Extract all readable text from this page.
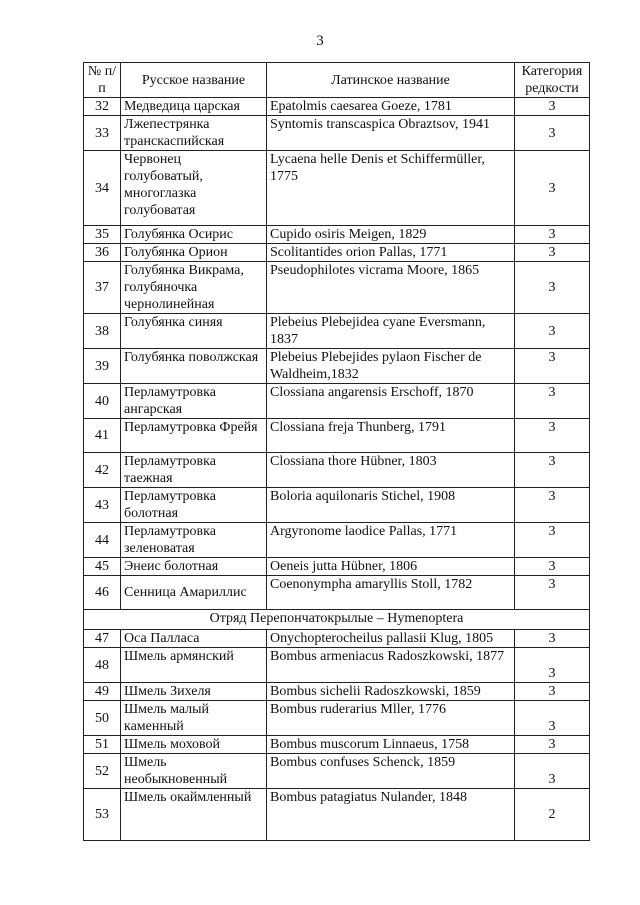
3
№ п/п	Русское название	Латинское название	Категория редкости
32	Медведица царская	Epatolmis caesarea Goeze, 1781	3
33	Лжепестрянка транскаспийская	Syntomis transcaspica Obraztsov, 1941	3
34	Червонец голубоватый, многоглазка голубоватая	Lycaena helle Denis et Schiffermüller, 1775	3
35	Голубянка Осирис	Cupido osiris Meigen, 1829	3
36	Голубянка Орион	Scolitantides orion Pallas, 1771	3
37	Голубянка Викрама, голубяночка чернолинейная	Pseudophilotes vicrama Moore, 1865	3
38	Голубянка синяя	Plebeius Plebejidea cyane Eversmann, 1837	3
39	Голубянка поволжская	Plebeius Plebejides pylaon Fischer de Waldheim,1832	3
40	Перламутровка ангарская	Clossiana angarensis Erschoff, 1870	3
41	Перламутровка Фрейя	Clossiana freja Thunberg, 1791	3
42	Перламутровка таежная	Clossiana thore Hübner, 1803	3
43	Перламутровка болотная	Boloria aquilonaris Stichel, 1908	3
44	Перламутровка зеленоватая	Argyronome laodice Pallas, 1771	3
45	Энеис болотная	Oeneis jutta Hübner, 1806	3
46	Сенница Амариллис	Coenonympha amaryllis Stoll, 1782	3
Отряд Перепончатокрылые – Hymenoptera			
47	Оса Палласа	Onychopterocheilus pallasii Klug, 1805	3
48	Шмель армянский	Bombus armeniacus Radoszkowski, 1877	3
49	Шмель Зихеля	Bombus sichelii Radoszkowski, 1859	3
50	Шмель малый каменный	Bombus ruderarius Mller, 1776	3
51	Шмель моховой	Bombus muscorum Linnaeus, 1758	3
52	Шмель необыкновенный	Bombus confuses Schenck, 1859	3
53	Шмель окаймленный	Bombus patagiatus Nulander, 1848	2
